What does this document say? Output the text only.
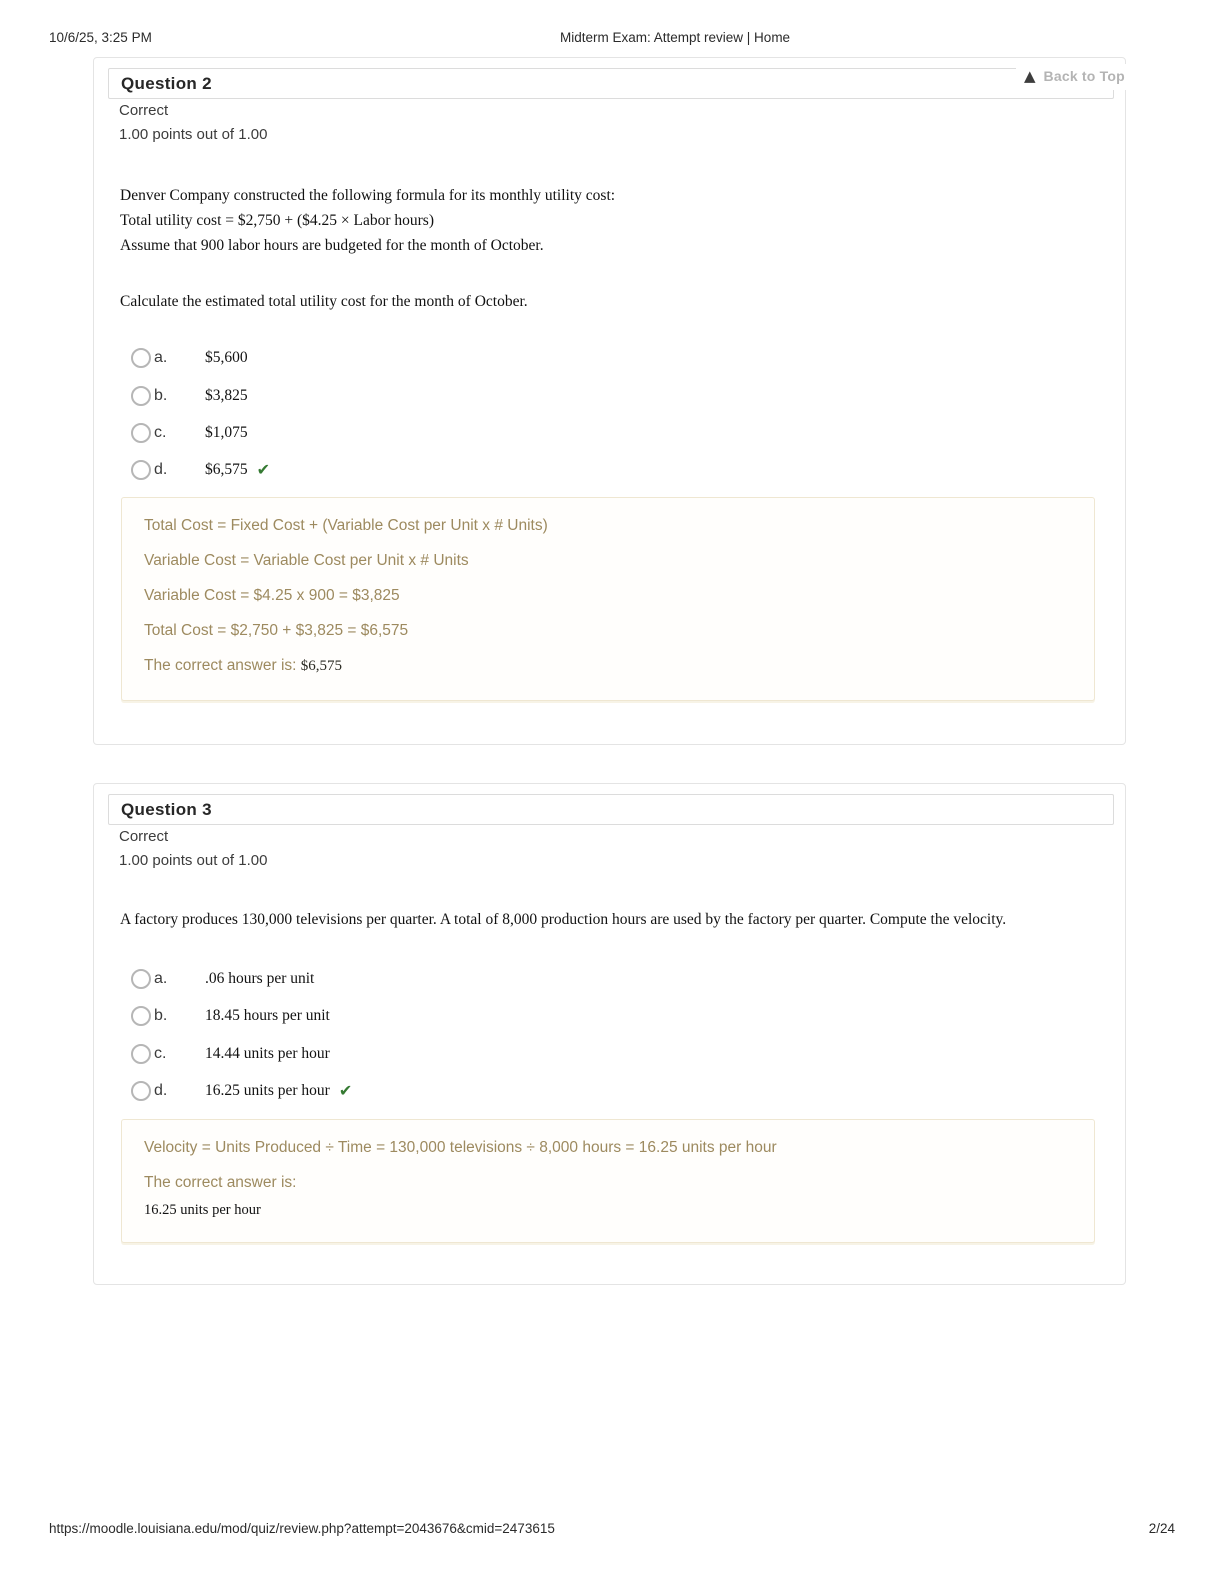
10/6/25, 3:25 PM	Midterm Exam: Attempt review | Home
▲ Back to Top
Question 2
Correct
1.00 points out of 1.00
Denver Company constructed the following formula for its monthly utility cost:
Total utility cost = $2,750 + ($4.25 × Labor hours)
Assume that 900 labor hours are budgeted for the month of October.
Calculate the estimated total utility cost for the month of October.
a.	$5,600
b.	$3,825
c.	$1,075
d.	$6,575 ✔
Total Cost = Fixed Cost + (Variable Cost per Unit x # Units)
Variable Cost = Variable Cost per Unit x # Units
Variable Cost = $4.25 x 900 = $3,825
Total Cost = $2,750 + $3,825 = $6,575
The correct answer is: $6,575
Question 3
Correct
1.00 points out of 1.00
A factory produces 130,000 televisions per quarter. A total of 8,000 production hours are used by the factory per quarter. Compute the velocity.
a.	.06 hours per unit
b.	18.45 hours per unit
c.	14.44 units per hour
d.	16.25 units per hour ✔
Velocity = Units Produced ÷ Time = 130,000 televisions ÷ 8,000 hours = 16.25 units per hour
The correct answer is:
16.25 units per hour
https://moodle.louisiana.edu/mod/quiz/review.php?attempt=2043676&cmid=2473615	2/24
